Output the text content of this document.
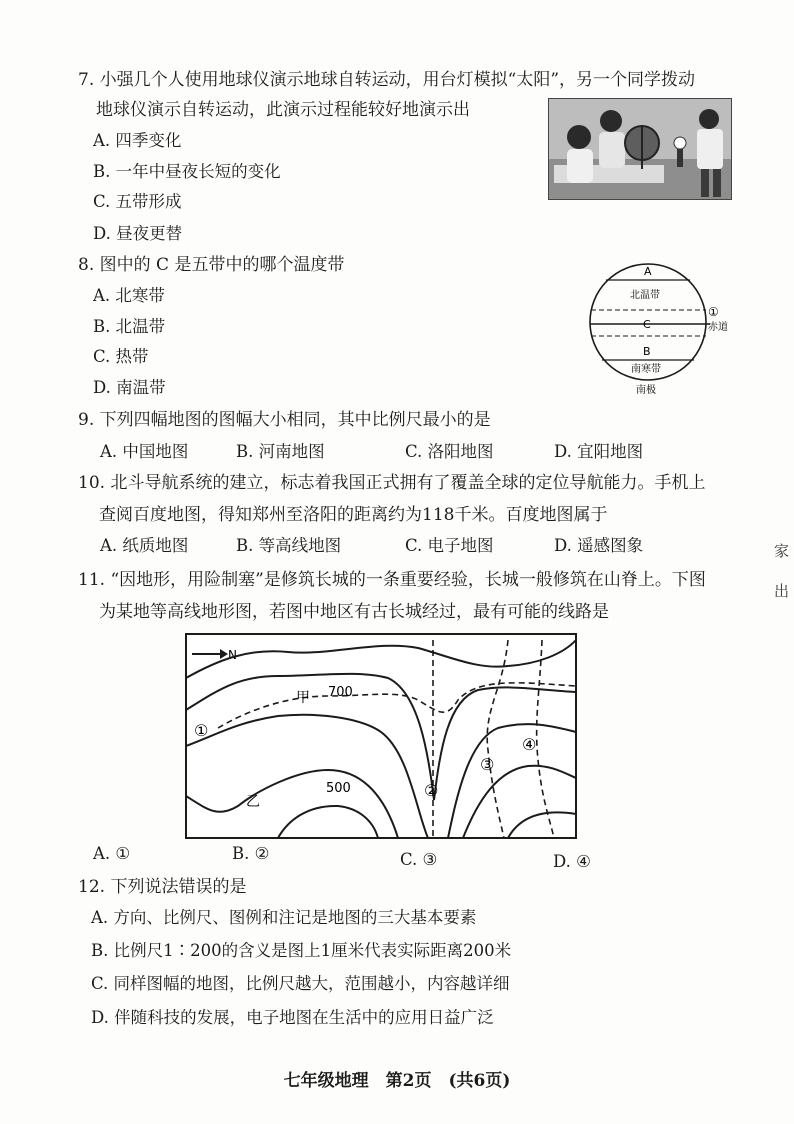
7. 小强几个人使用地球仪演示地球自转运动，用台灯模拟“太阳”，另一个同学拨动
地球仪演示自转运动，此演示过程能较好地演示出
A. 四季变化
B. 一年中昼夜长短的变化
C. 五带形成
D. 昼夜更替
8. 图中的 C 是五带中的哪个温度带
A. 北寒带
B. 北温带
C. 热带
D. 南温带
A
北温带
C
B
南寒带
南极
①
赤道
9. 下列四幅地图的图幅大小相同，其中比例尺最小的是
A. 中国地图	B. 河南地图	C. 洛阳地图	D. 宜阳地图
10. 北斗导航系统的建立，标志着我国正式拥有了覆盖全球的定位导航能力。手机上
查阅百度地图，得知郑州至洛阳的距离约为118千米。百度地图属于
A. 纸质地图	B. 等高线地图	C. 电子地图	D. 遥感图象	家
出
11. “因地形，用险制塞”是修筑长城的一条重要经验，长城一般修筑在山脊上。下图
为某地等高线地形图，若图中地区有古长城经过，最有可能的线路是
N
甲 700
500
乙
①
②
③
④
A. ①	B. ②	C. ③	D. ④
12. 下列说法错误的是
A. 方向、比例尺、图例和注记是地图的三大基本要素
B. 比例尺1∶200的含义是图上1厘米代表实际距离200米
C. 同样图幅的地图，比例尺越大，范围越小，内容越详细
D. 伴随科技的发展，电子地图在生活中的应用日益广泛
七年级地理　第2页　(共6页)
